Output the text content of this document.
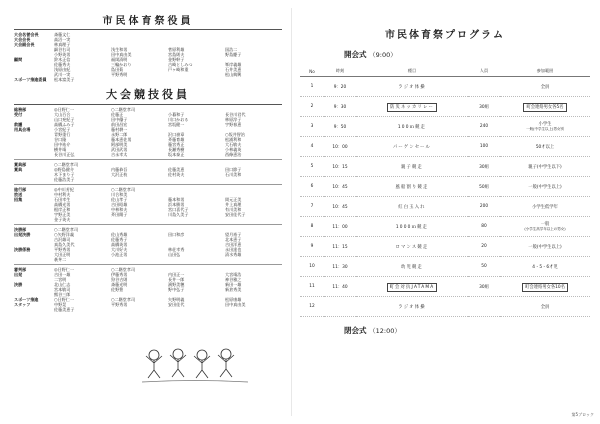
市民体育祭役員
大会名誉会長	斎藤文仁
大会会長	高沼一実
大会副会長	林真理子
細谷右司	浅生和男	菅原利雄	国浩二
小野英男	田中真由美	宮島則夫	野島慶子
顧問	鈴木正信	福岡清明	金野幹子
佐藤秀夫	三輪かおり	古崎としみつ	峯岸義雄
浅原由紀	島田菊	戸ヶ崎和重	石井美恵
武川一実	平野秀明	松山典興
スポーツ推進委員	松本富美子
大会競技役員
総務部	◎日野仁一	○二階堂孝司
受付	大山百合	佐藤正	小暮和子	長谷川君代
山口充紀子	田中優子	川口かおる	林原淳子
救護	高橋ふみ子	前田昌宏	宮坂健一	宇野春恵
用具会場	小宮紀子	藤村耕一
青野重行	永野二郎	沢口禎章	○坂井智治
谷口隆	藤本恵佐男	斉藤育雄	松浦利和
田中祐介	阿部明美	藤宮秀正	大石敏夫
横井靖	武田武男	長瀬秀樹	小林義英
長谷川正弘	吉永幸太	坂本泰正	西條恵治
賞典部	○二階堂孝司
賞典	◎野島健介	内藤恭吾	佐藤美恵	田口節子
木下まり子	大沢正枝	佐村英夫	石川美和
佐藤浩美子
進行部	◎中川芳紀	○二階堂孝司
放送	中村利夫	川合和美
招集	石田幸生	佐山孝子	藤本和男	岡元正美
高橋光男	吉田昭雄	浜本勝男	井上真理
根岸正和	中林和夫	宮口喜代子	有川美和
宇野正美	斉田陽子	川島久美子	安田佳代子
金子英夫
決勝部	○二階堂孝司
出発決勝	○矢野洋義	佐山秀雄	田口和彦	望月裕子
古沢雄司	佐藤秀子	北本恵子
真島久美代	高橋英男	吉田洋恵
決勝係務	平野秀男	大川好夫	林荘幸秀	永田達也
大田正明	小池正男	山田弘	清水秀雄
萩丼二
審判部	◎日野仁一	○二階堂孝司
出発	吉田一雄	伊藤秀男	内田正一	大宮靖浩
二宮明	狩谷吉則	長井一郎	神谷雅之
決勝	北山仁志	斎藤光明	濱野美穂	新田一雄
宮本敏司	佐野豊	野中弘子	新倉秀美
熊谷三郎
スポーツ推進	○日野仁一	○二階堂孝司	矢野明義	松原康雄
スタッフ	中野晃	平野秀男	安田佳代	田中真由美
佐藤美恵子
市民体育祭プログラム
開会式 （9:00）
No	時刻	種目	人員	参加範囲
1	9：20	ラジオ体操		全員
2	9：30	防災ネッカリレー	30組	町会連絡男女各5名
3	9：50	100ｍ競走	240	小学生
一般(中学生以上)男女別

4	10：00	パーゲンセール	100	50才以上
5	10：15	親子競走	30組	親子(中学生以下)
6	10：45	風船割り競走	50組	一般(中学生以上)
7	10：45	紅白玉入れ	200	小学生低学年
8	11：00	1000ｍ競走	80	一般
(小学生高学年以上の男女)

9	11：15	ロマンス競走	20	一般(中学生以上)
10	11：30	幼児競走	50	4・5・6才児
11	11：40	町会対抗JATAMA	30組	町会連絡男女各10名
12		ラジオ体操		全員
閉会式 （12:00）
第5ブロック
